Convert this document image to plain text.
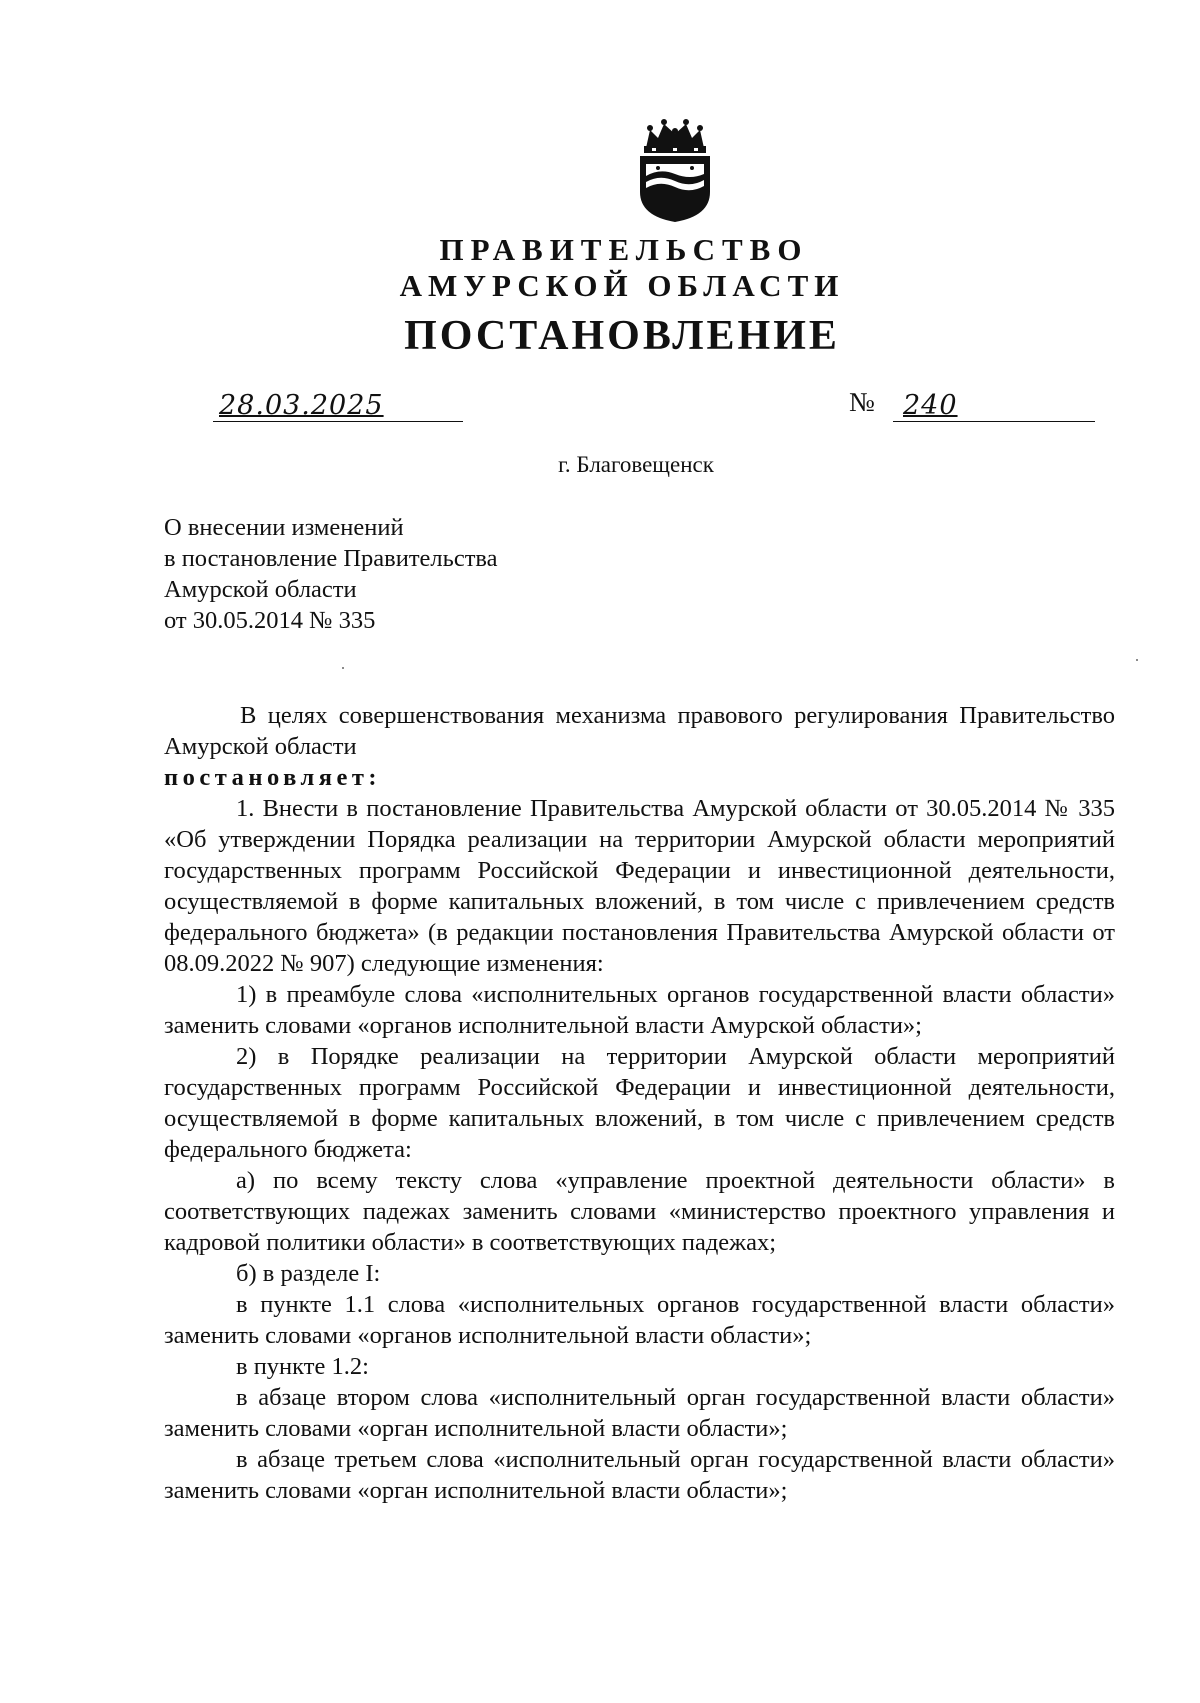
ПРАВИТЕЛЬСТВО
АМУРСКОЙ ОБЛАСТИ
ПОСТАНОВЛЕНИЕ
28.03.2025	№ 240
г. Благовещенск
О внесении изменений
в постановление Правительства
Амурской области
от 30.05.2014 № 335

В целях совершенствования механизма правового регулирования Правительство Амурской области

постановляет:

1. Внести в постановление Правительства Амурской области от 30.05.2014 № 335 «Об утверждении Порядка реализации на территории Амурской области мероприятий государственных программ Российской Федерации и инвестиционной деятельности, осуществляемой в форме капитальных вложений, в том числе с привлечением средств федерального бюджета» (в редакции постановления Правительства Амурской области от 08.09.2022 № 907) следующие изменения:

1) в преамбуле слова «исполнительных органов государственной власти области» заменить словами «органов исполнительной власти Амурской области»;

2) в Порядке реализации на территории Амурской области мероприятий государственных программ Российской Федерации и инвестиционной деятельности, осуществляемой в форме капитальных вложений, в том числе с привлечением средств федерального бюджета:

а) по всему тексту слова «управление проектной деятельности области» в соответствующих падежах заменить словами «министерство проектного управления и кадровой политики области» в соответствующих падежах;

б) в разделе I:

в пункте 1.1 слова «исполнительных органов государственной власти области» заменить словами «органов исполнительной власти области»;

в пункте 1.2:

в абзаце втором слова «исполнительный орган государственной власти области» заменить словами «орган исполнительной власти области»;

в абзаце третьем слова «исполнительный орган государственной власти области» заменить словами «орган исполнительной власти области»;
